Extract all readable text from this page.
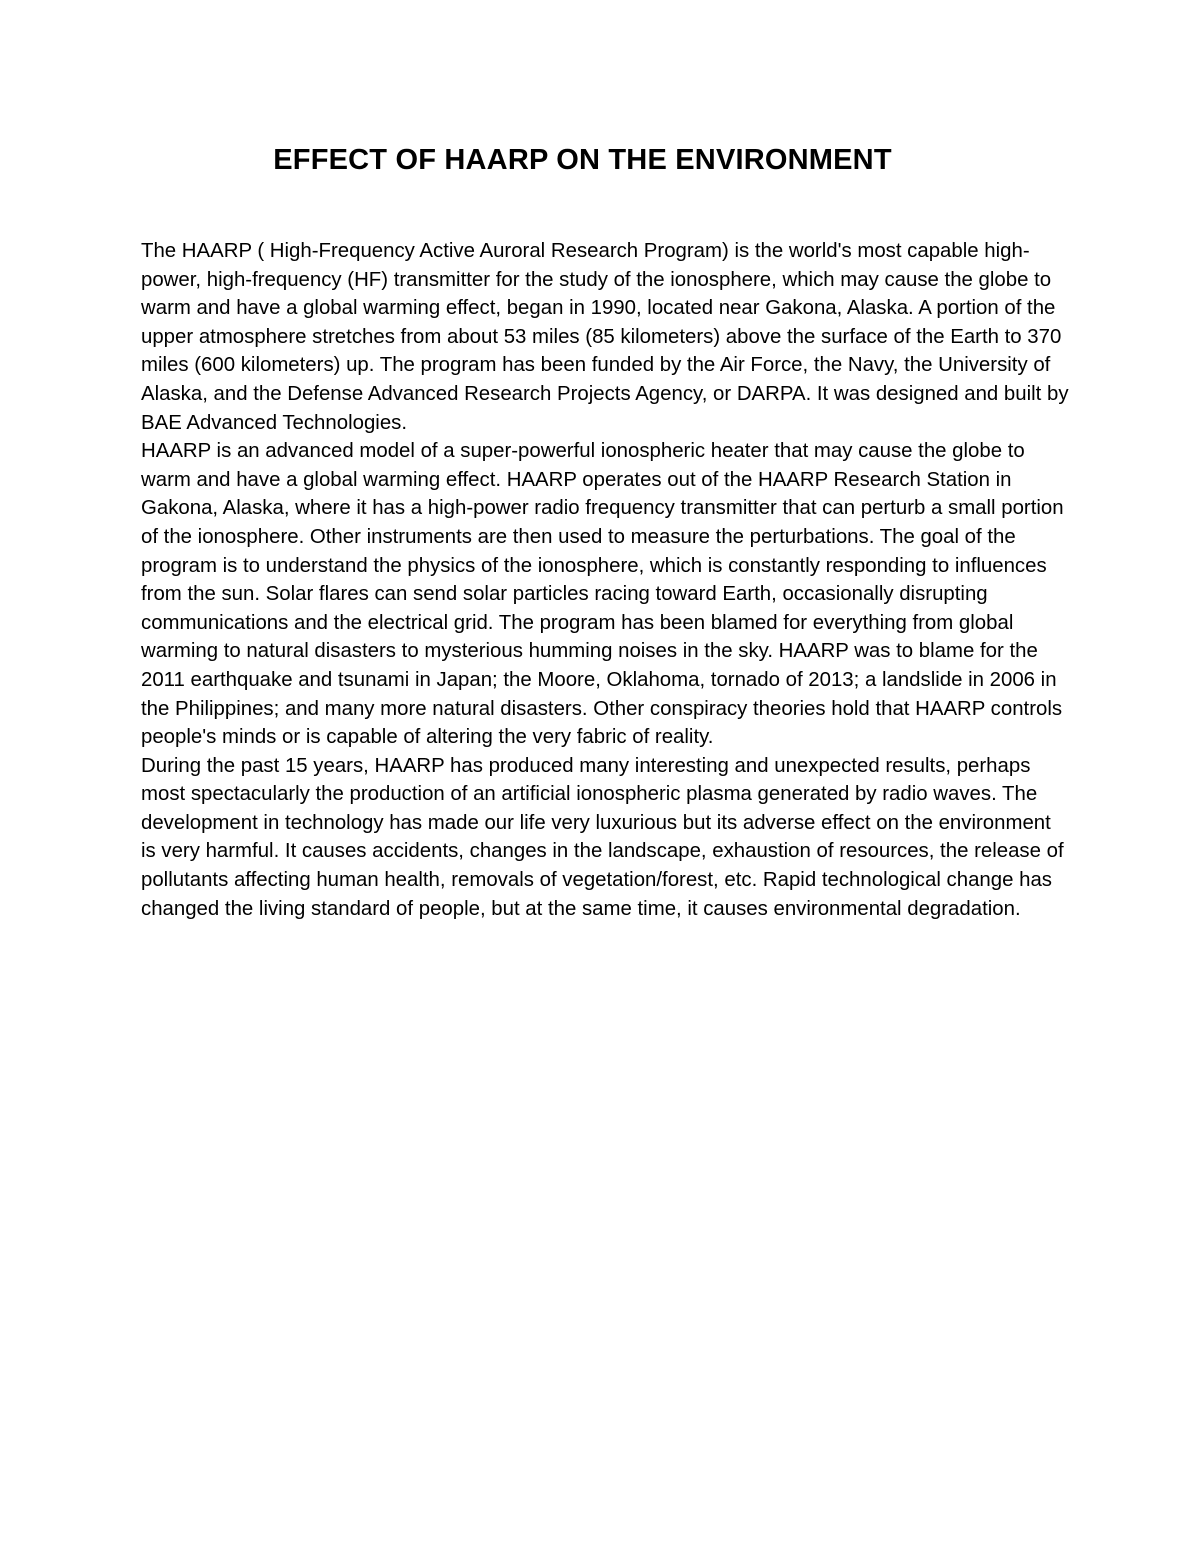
EFFECT OF HAARP ON THE ENVIRONMENT

The HAARP ( High-Frequency Active Auroral Research Program) is the world's most capable high-power, high-frequency (HF) transmitter for the study of the ionosphere, which may cause the globe to warm and have a global warming effect, began in 1990, located near Gakona, Alaska. A portion of the upper atmosphere stretches from about 53 miles (85 kilometers) above the surface of the Earth to 370 miles (600 kilometers) up. The program has been funded by the Air Force, the Navy, the University of Alaska, and the Defense Advanced Research Projects Agency, or DARPA. It was designed and built by BAE Advanced Technologies.

HAARP is an advanced model of a super-powerful ionospheric heater that may cause the globe to warm and have a global warming effect. HAARP operates out of the HAARP Research Station in Gakona, Alaska, where it has a high-power radio frequency transmitter that can perturb a small portion of the ionosphere. Other instruments are then used to measure the perturbations. The goal of the program is to understand the physics of the ionosphere, which is constantly responding to influences from the sun. Solar flares can send solar particles racing toward Earth, occasionally disrupting communications and the electrical grid. The program has been blamed for everything from global warming to natural disasters to mysterious humming noises in the sky. HAARP was to blame for the 2011 earthquake and tsunami in Japan; the Moore, Oklahoma, tornado of 2013; a landslide in 2006 in the Philippines; and many more natural disasters. Other conspiracy theories hold that HAARP controls people's minds or is capable of altering the very fabric of reality.

During the past 15 years, HAARP has produced many interesting and unexpected results, perhaps most spectacularly the production of an artificial ionospheric plasma generated by radio waves. The development in technology has made our life very luxurious but its adverse effect on the environment is very harmful. It causes accidents, changes in the landscape, exhaustion of resources, the release of pollutants affecting human health, removals of vegetation/forest, etc. Rapid technological change has changed the living standard of people, but at the same time, it causes environmental degradation.
